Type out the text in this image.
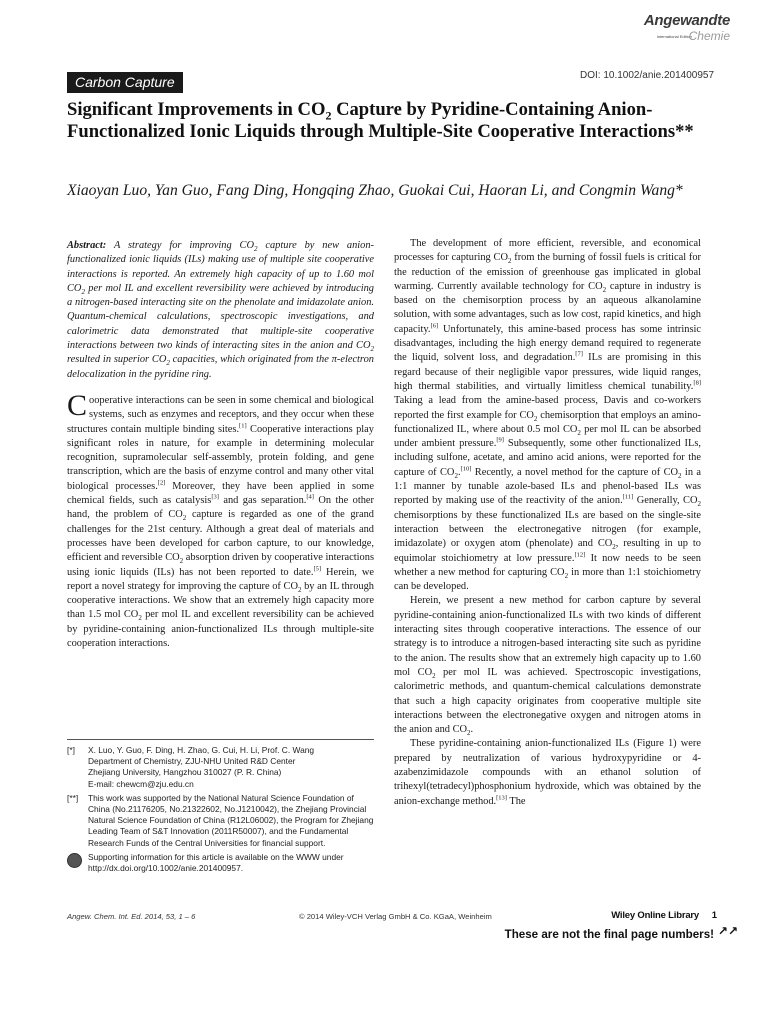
Angewandte
International Edition
Chemie
Carbon Capture	DOI: 10.1002/anie.201400957
Significant Improvements in $CO_2$ Capture by Pyridine-Containing Anion-Functionalized Ionic Liquids through Multiple-Site Cooperative Interactions**
Xiaoyan Luo, Yan Guo, Fang Ding, Hongqing Zhao, Guokai Cui, Haoran Li, and Congmin Wang*

Abstract: A strategy for improving $CO_2$ capture by new anion-functionalized ionic liquids (ILs) making use of multiple site cooperative interactions is reported. An extremely high capacity of up to 1.60 mol $CO_2$ per mol IL and excellent reversibility were achieved by introducing a nitrogen-based interacting site on the phenolate and imidazolate anion. Quantum-chemical calculations, spectroscopic investigations, and calorimetric data demonstrated that multiple-site cooperative interactions between two kinds of interacting sites in the anion and $CO_2$ resulted in superior $CO_2$ capacities, which originated from the π-electron delocalization in the pyridine ring.

Cooperative interactions can be seen in some chemical and biological systems, such as enzymes and receptors, and they occur when these structures contain multiple binding sites.[1] Cooperative interactions play significant roles in nature, for example in determining molecular recognition, supramolecular self-assembly, protein folding, and gene transcription, which are the basis of enzyme control and many other vital biological processes.[2] Moreover, they have been applied in some chemical fields, such as catalysis[3] and gas separation.[4] On the other hand, the problem of $CO_2$ capture is regarded as one of the grand challenges for the 21st century. Although a great deal of materials and processes have been developed for carbon capture, to our knowledge, efficient and reversible $CO_2$ absorption driven by cooperative interactions using ionic liquids (ILs) has not been reported to date.[5] Herein, we report a novel strategy for improving the capture of $CO_2$ by an IL through cooperative interactions. We show that an extremely high capacity more than 1.5 mol $CO_2$ per mol IL and excellent reversibility can be achieved by pyridine-containing anion-functionalized ILs through multiple-site cooperation interactions.

The development of more efficient, reversible, and economical processes for capturing $CO_2$ from the burning of fossil fuels is critical for the reduction of the emission of greenhouse gas implicated in global warming. Currently available technology for $CO_2$ capture in industry is based on the chemisorption process by an aqueous alkanolamine solution, with some advantages, such as low cost, rapid kinetics, and high capacity.[6] Unfortunately, this amine-based process has some intrinsic disadvantages, including the high energy demand required to regenerate the liquid, solvent loss, and degradation.[7] ILs are promising in this regard because of their negligible vapor pressures, wide liquid ranges, high thermal stabilities, and virtually limitless chemical tunability.[8] Taking a lead from the amine-based process, Davis and co-workers reported the first example for $CO_2$ chemisorption that employs an amino-functionalized IL, where about 0.5 mol $CO_2$ per mol IL can be absorbed under ambient pressure.[9] Subsequently, some other functionalized ILs, including sulfone, acetate, and amino acid anions, were reported for the capture of $CO_2.[10]$ Recently, a novel method for the capture of $CO_2$ in a 1:1 manner by tunable azole-based ILs and phenol-based ILs was reported by making use of the reactivity of the anion.[11] Generally, $CO_2$ chemisorptions by these functionalized ILs are based on the single-site interaction between the electronegative nitrogen (for example, imidazolate) or oxygen atom (phenolate) and $CO_2$, resulting in up to equimolar stoichiometry at low pressure.[12] It now needs to be seen whether a new method for capturing $CO_2$ in more than 1:1 stoichiometry can be developed.

Herein, we present a new method for carbon capture by several pyridine-containing anion-functionalized ILs with two kinds of different interacting sites through cooperative interactions. The essence of our strategy is to introduce a nitrogen-based interacting site such as pyridine to the anion. The results show that an extremely high capacity up to 1.60 mol $CO_2$ per mol IL was achieved. Spectroscopic investigations, calorimetric methods, and quantum-chemical calculations demonstrate that such a high capacity originates from cooperative multiple site interactions between the electronegative oxygen and nitrogen atoms in the anion and $CO_2$.

These pyridine-containing anion-functionalized ILs (Figure 1) were prepared by neutralization of various hydroxypyridine or 4-azabenzimidazole compounds with an ethanol solution of trihexyl(tetradecyl)phosphonium hydroxide, which was obtained by the anion-exchange method.[13] The

[*] X. Luo, Y. Guo, F. Ding, H. Zhao, G. Cui, H. Li, Prof. C. Wang
Department of Chemistry, ZJU-NHU United R&D Center
Zhejiang University, Hangzhou 310027 (P. R. China)
E-mail: chewcm@zju.edu.cn
[**] This work was supported by the National Natural Science Foundation of China (No.21176205, No.21322602, No.J1210042), the Zhejiang Provincial Natural Science Foundation of China (R12L06002), the Program for Zhejiang Leading Team of S&T Innovation (2011R50007), and the Fundamental Research Funds of the Central Universities for financial support.
Supporting information for this article is available on the WWW under http://dx.doi.org/10.1002/anie.201400957.
Angew. Chem. Int. Ed. 2014, 53, 1 – 6	© 2014 Wiley-VCH Verlag GmbH & Co. KGaA, Weinheim	Wiley Online Library 1
These are not the final page numbers! ↗↗
